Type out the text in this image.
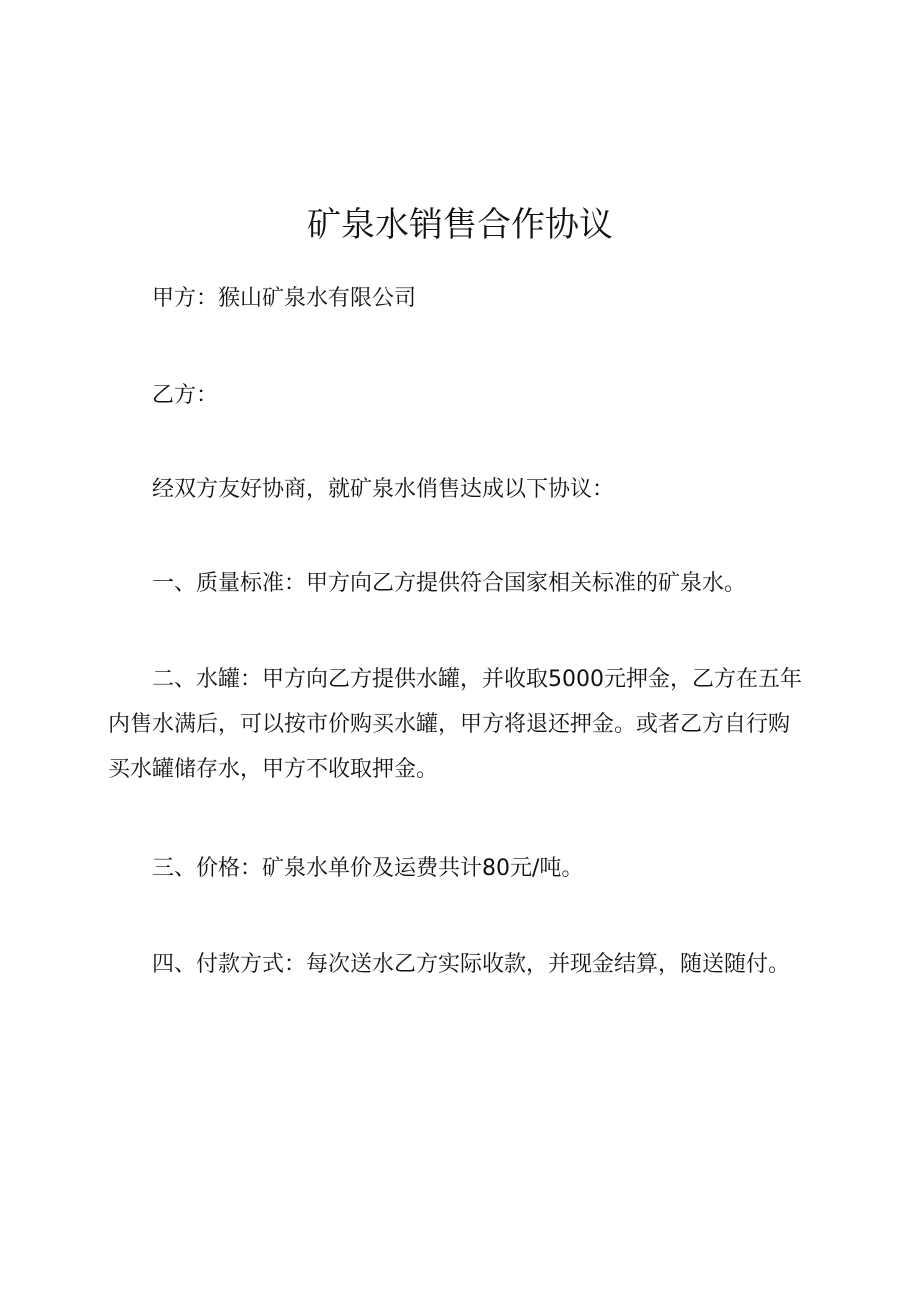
矿泉水销售合作协议

甲方：猴山矿泉水有限公司

乙方：

经双方友好协商，就矿泉水俏售达成以下协议：

一、质量标准：甲方向乙方提供符合国家相关标准的矿泉水。

二、水罐：甲方向乙方提供水罐，并收取5000元押金，乙方在五年内售水满后，可以按市价购买水罐，甲方将退还押金。或者乙方自行购买水罐储存水，甲方不收取押金。

三、价格：矿泉水单价及运费共计80元/吨。

四、付款方式：每次送水乙方实际收款，并现金结算，随送随付。
